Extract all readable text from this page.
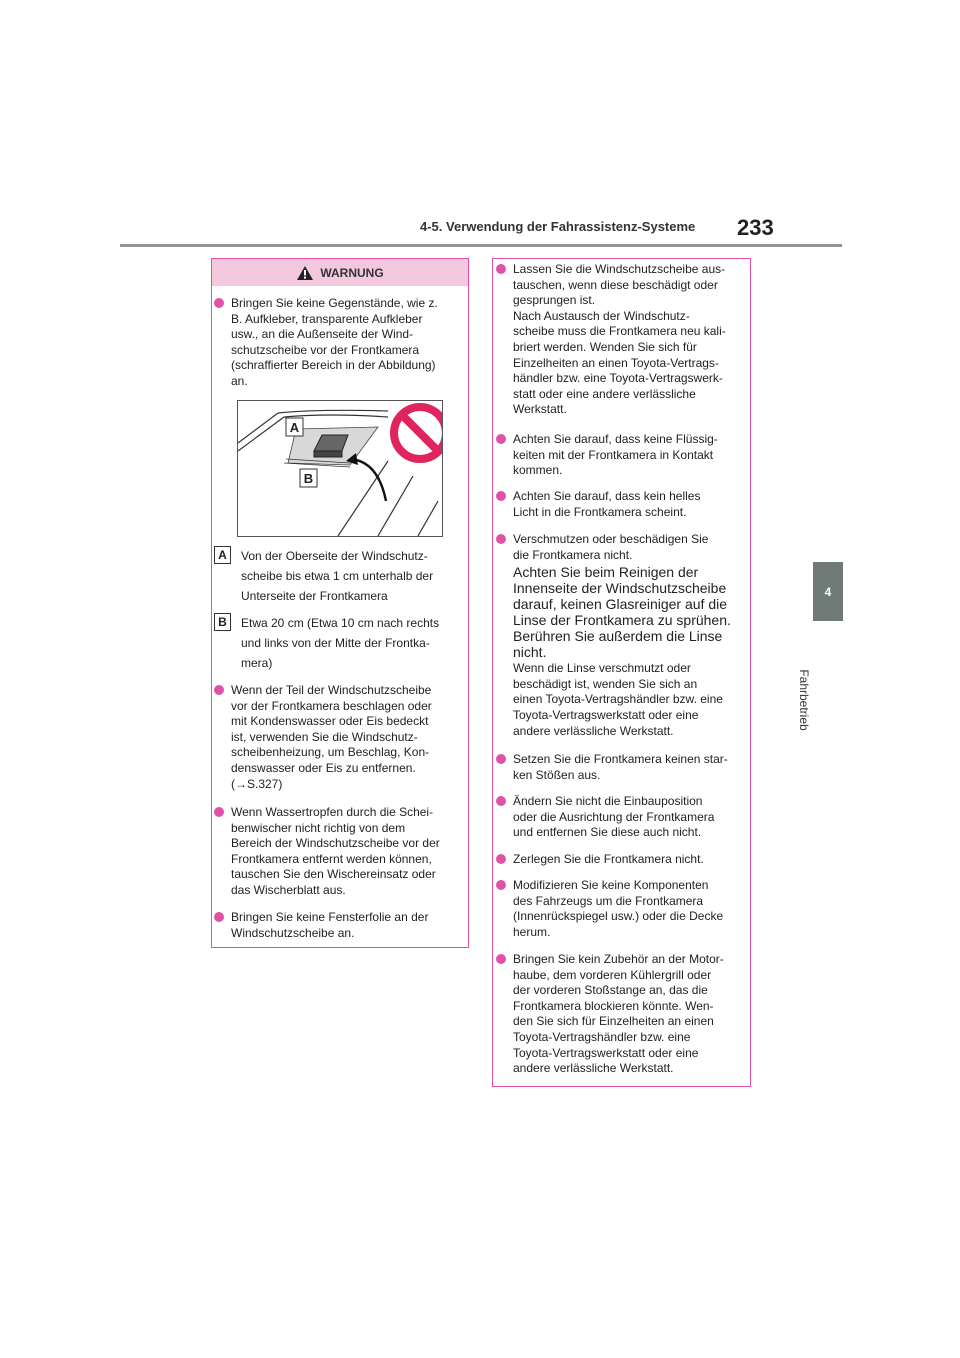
4-5. Verwendung der Fahrassistenz-Systeme 233
4
Fahrbetrieb
WARNUNG
Bringen Sie keine Gegenstände, wie z.
B. Aufkleber, transparente Aufkleber
usw., an die Außenseite der Wind-
schutzscheibe vor der Frontkamera
(schraffierter Bereich in der Abbildung)
an.
A
B
A	Von der Oberseite der Windschutz-
scheibe bis etwa 1 cm unterhalb der
Unterseite der Frontkamera
B	Etwa 20 cm (Etwa 10 cm nach rechts
und links von der Mitte der Frontka-
mera)
Wenn der Teil der Windschutzscheibe
vor der Frontkamera beschlagen oder
mit Kondenswasser oder Eis bedeckt
ist, verwenden Sie die Windschutz-
scheibenheizung, um Beschlag, Kon-
denswasser oder Eis zu entfernen.
(→S.327)
Wenn Wassertropfen durch die Schei-
benwischer nicht richtig von dem
Bereich der Windschutzscheibe vor der
Frontkamera entfernt werden können,
tauschen Sie den Wischereinsatz oder
das Wischerblatt aus.
Bringen Sie keine Fensterfolie an der
Windschutzscheibe an.
Lassen Sie die Windschutzscheibe aus-
tauschen, wenn diese beschädigt oder
gesprungen ist.
Nach Austausch der Windschutz-
scheibe muss die Frontkamera neu kali-
briert werden. Wenden Sie sich für
Einzelheiten an einen Toyota-Vertrags-
händler bzw. eine Toyota-Vertragswerk-
statt oder eine andere verlässliche
Werkstatt.
Achten Sie darauf, dass keine Flüssig-
keiten mit der Frontkamera in Kontakt
kommen.
Achten Sie darauf, dass kein helles
Licht in die Frontkamera scheint.
Verschmutzen oder beschädigen Sie
die Frontkamera nicht.
Achten Sie beim Reinigen der
Innenseite der Windschutzscheibe
darauf, keinen Glasreiniger auf die
Linse der Frontkamera zu sprühen.
Berühren Sie außerdem die Linse
nicht.
Wenn die Linse verschmutzt oder
beschädigt ist, wenden Sie sich an
einen Toyota-Vertragshändler bzw. eine
Toyota-Vertragswerkstatt oder eine
andere verlässliche Werkstatt.
Setzen Sie die Frontkamera keinen star-
ken Stößen aus.
Ändern Sie nicht die Einbauposition
oder die Ausrichtung der Frontkamera
und entfernen Sie diese auch nicht.
Zerlegen Sie die Frontkamera nicht.
Modifizieren Sie keine Komponenten
des Fahrzeugs um die Frontkamera
(Innenrückspiegel usw.) oder die Decke
herum.
Bringen Sie kein Zubehör an der Motor-
haube, dem vorderen Kühlergrill oder
der vorderen Stoßstange an, das die
Frontkamera blockieren könnte. Wen-
den Sie sich für Einzelheiten an einen
Toyota-Vertragshändler bzw. eine
Toyota-Vertragswerkstatt oder eine
andere verlässliche Werkstatt.
